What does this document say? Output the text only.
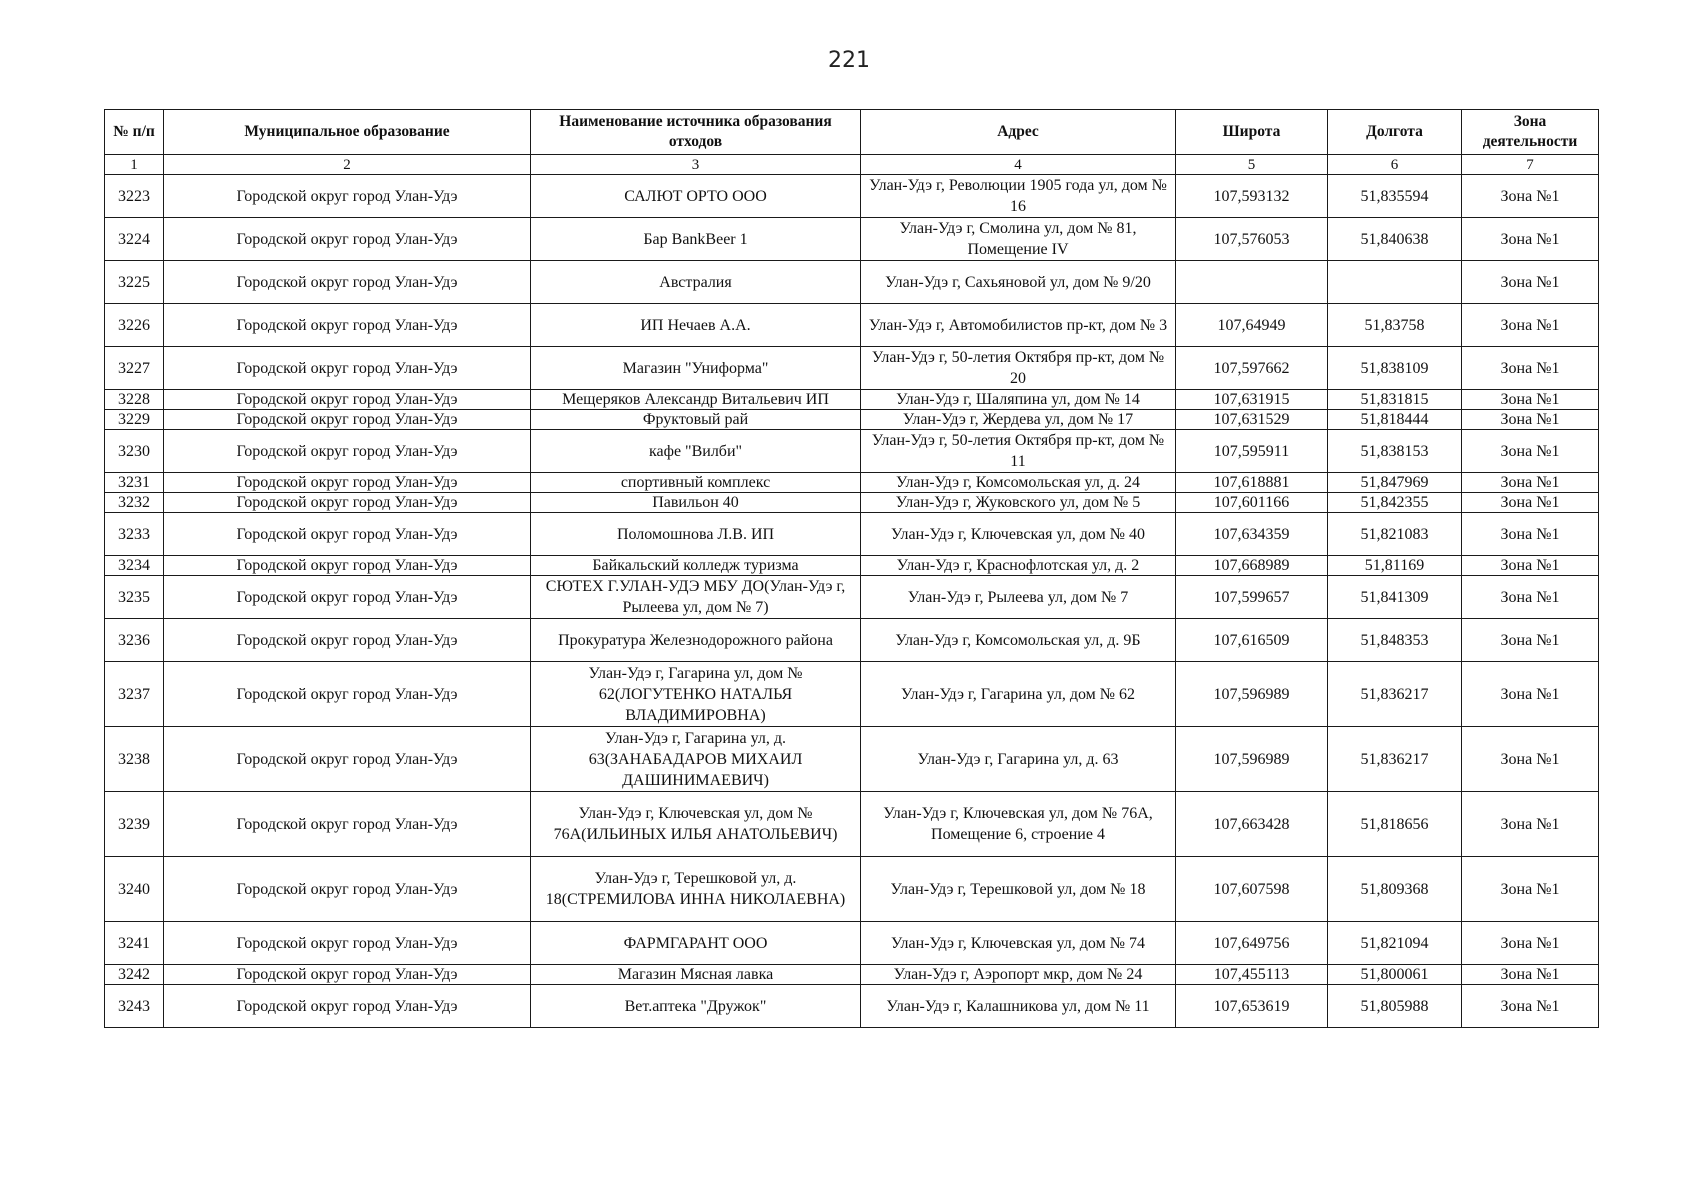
221
№ п/п	Муниципальное образование	Наименование источника образования отходов	Адрес	Широта	Долгота	Зона деятельности
1	2	3	4	5	6	7
3223	Городской округ город Улан-Удэ	САЛЮТ ОРТО ООО	Улан-Удэ г, Революции 1905 года ул, дом № 16	107,593132	51,835594	Зона №1
3224	Городской округ город Улан-Удэ	Бар BankBeer 1	Улан-Удэ г, Смолина ул, дом № 81, Помещение IV	107,576053	51,840638	Зона №1
3225	Городской округ город Улан-Удэ	Австралия	Улан-Удэ г, Сахьяновой ул, дом № 9/20			Зона №1
3226	Городской округ город Улан-Удэ	ИП Нечаев А.А.	Улан-Удэ г, Автомобилистов пр-кт, дом № 3	107,64949	51,83758	Зона №1
3227	Городской округ город Улан-Удэ	Магазин "Униформа"	Улан-Удэ г, 50-летия Октября пр-кт, дом № 20	107,597662	51,838109	Зона №1
3228	Городской округ город Улан-Удэ	Мещеряков Александр Витальевич ИП	Улан-Удэ г, Шаляпина ул, дом № 14	107,631915	51,831815	Зона №1
3229	Городской округ город Улан-Удэ	Фруктовый рай	Улан-Удэ г, Жердева ул, дом № 17	107,631529	51,818444	Зона №1
3230	Городской округ город Улан-Удэ	кафе "Вилби"	Улан-Удэ г, 50-летия Октября пр-кт, дом № 11	107,595911	51,838153	Зона №1
3231	Городской округ город Улан-Удэ	спортивный комплекс	Улан-Удэ г, Комсомольская ул, д. 24	107,618881	51,847969	Зона №1
3232	Городской округ город Улан-Удэ	Павильон 40	Улан-Удэ г, Жуковского ул, дом № 5	107,601166	51,842355	Зона №1
3233	Городской округ город Улан-Удэ	Поломошнова Л.В. ИП	Улан-Удэ г, Ключевская ул, дом № 40	107,634359	51,821083	Зона №1
3234	Городской округ город Улан-Удэ	Байкальский колледж туризма	Улан-Удэ г, Краснофлотская ул, д. 2	107,668989	51,81169	Зона №1
3235	Городской округ город Улан-Удэ	СЮТЕХ Г.УЛАН-УДЭ МБУ ДО(Улан-Удэ г, Рылеева ул, дом № 7)	Улан-Удэ г, Рылеева ул, дом № 7	107,599657	51,841309	Зона №1
3236	Городской округ город Улан-Удэ	Прокуратура Железнодорожного района	Улан-Удэ г, Комсомольская ул, д. 9Б	107,616509	51,848353	Зона №1
3237	Городской округ город Улан-Удэ	Улан-Удэ г, Гагарина ул, дом № 62(ЛОГУТЕНКО НАТАЛЬЯ ВЛАДИМИРОВНА)	Улан-Удэ г, Гагарина ул, дом № 62	107,596989	51,836217	Зона №1
3238	Городской округ город Улан-Удэ	Улан-Удэ г, Гагарина ул, д. 63(ЗАНАБАДАРОВ МИХАИЛ ДАШИНИМАЕВИЧ)	Улан-Удэ г, Гагарина ул, д. 63	107,596989	51,836217	Зона №1
3239	Городской округ город Улан-Удэ	Улан-Удэ г, Ключевская ул, дом № 76А(ИЛЬИНЫХ ИЛЬЯ АНАТОЛЬЕВИЧ)	Улан-Удэ г, Ключевская ул, дом № 76А, Помещение 6, строение 4	107,663428	51,818656	Зона №1
3240	Городской округ город Улан-Удэ	Улан-Удэ г, Терешковой ул, д. 18(СТРЕМИЛОВА ИННА НИКОЛАЕВНА)	Улан-Удэ г, Терешковой ул, дом № 18	107,607598	51,809368	Зона №1
3241	Городской округ город Улан-Удэ	ФАРМГАРАНТ ООО	Улан-Удэ г, Ключевская ул, дом № 74	107,649756	51,821094	Зона №1
3242	Городской округ город Улан-Удэ	Магазин Мясная лавка	Улан-Удэ г, Аэропорт мкр, дом № 24	107,455113	51,800061	Зона №1
3243	Городской округ город Улан-Удэ	Вет.аптека "Дружок"	Улан-Удэ г, Калашникова ул, дом № 11	107,653619	51,805988	Зона №1
